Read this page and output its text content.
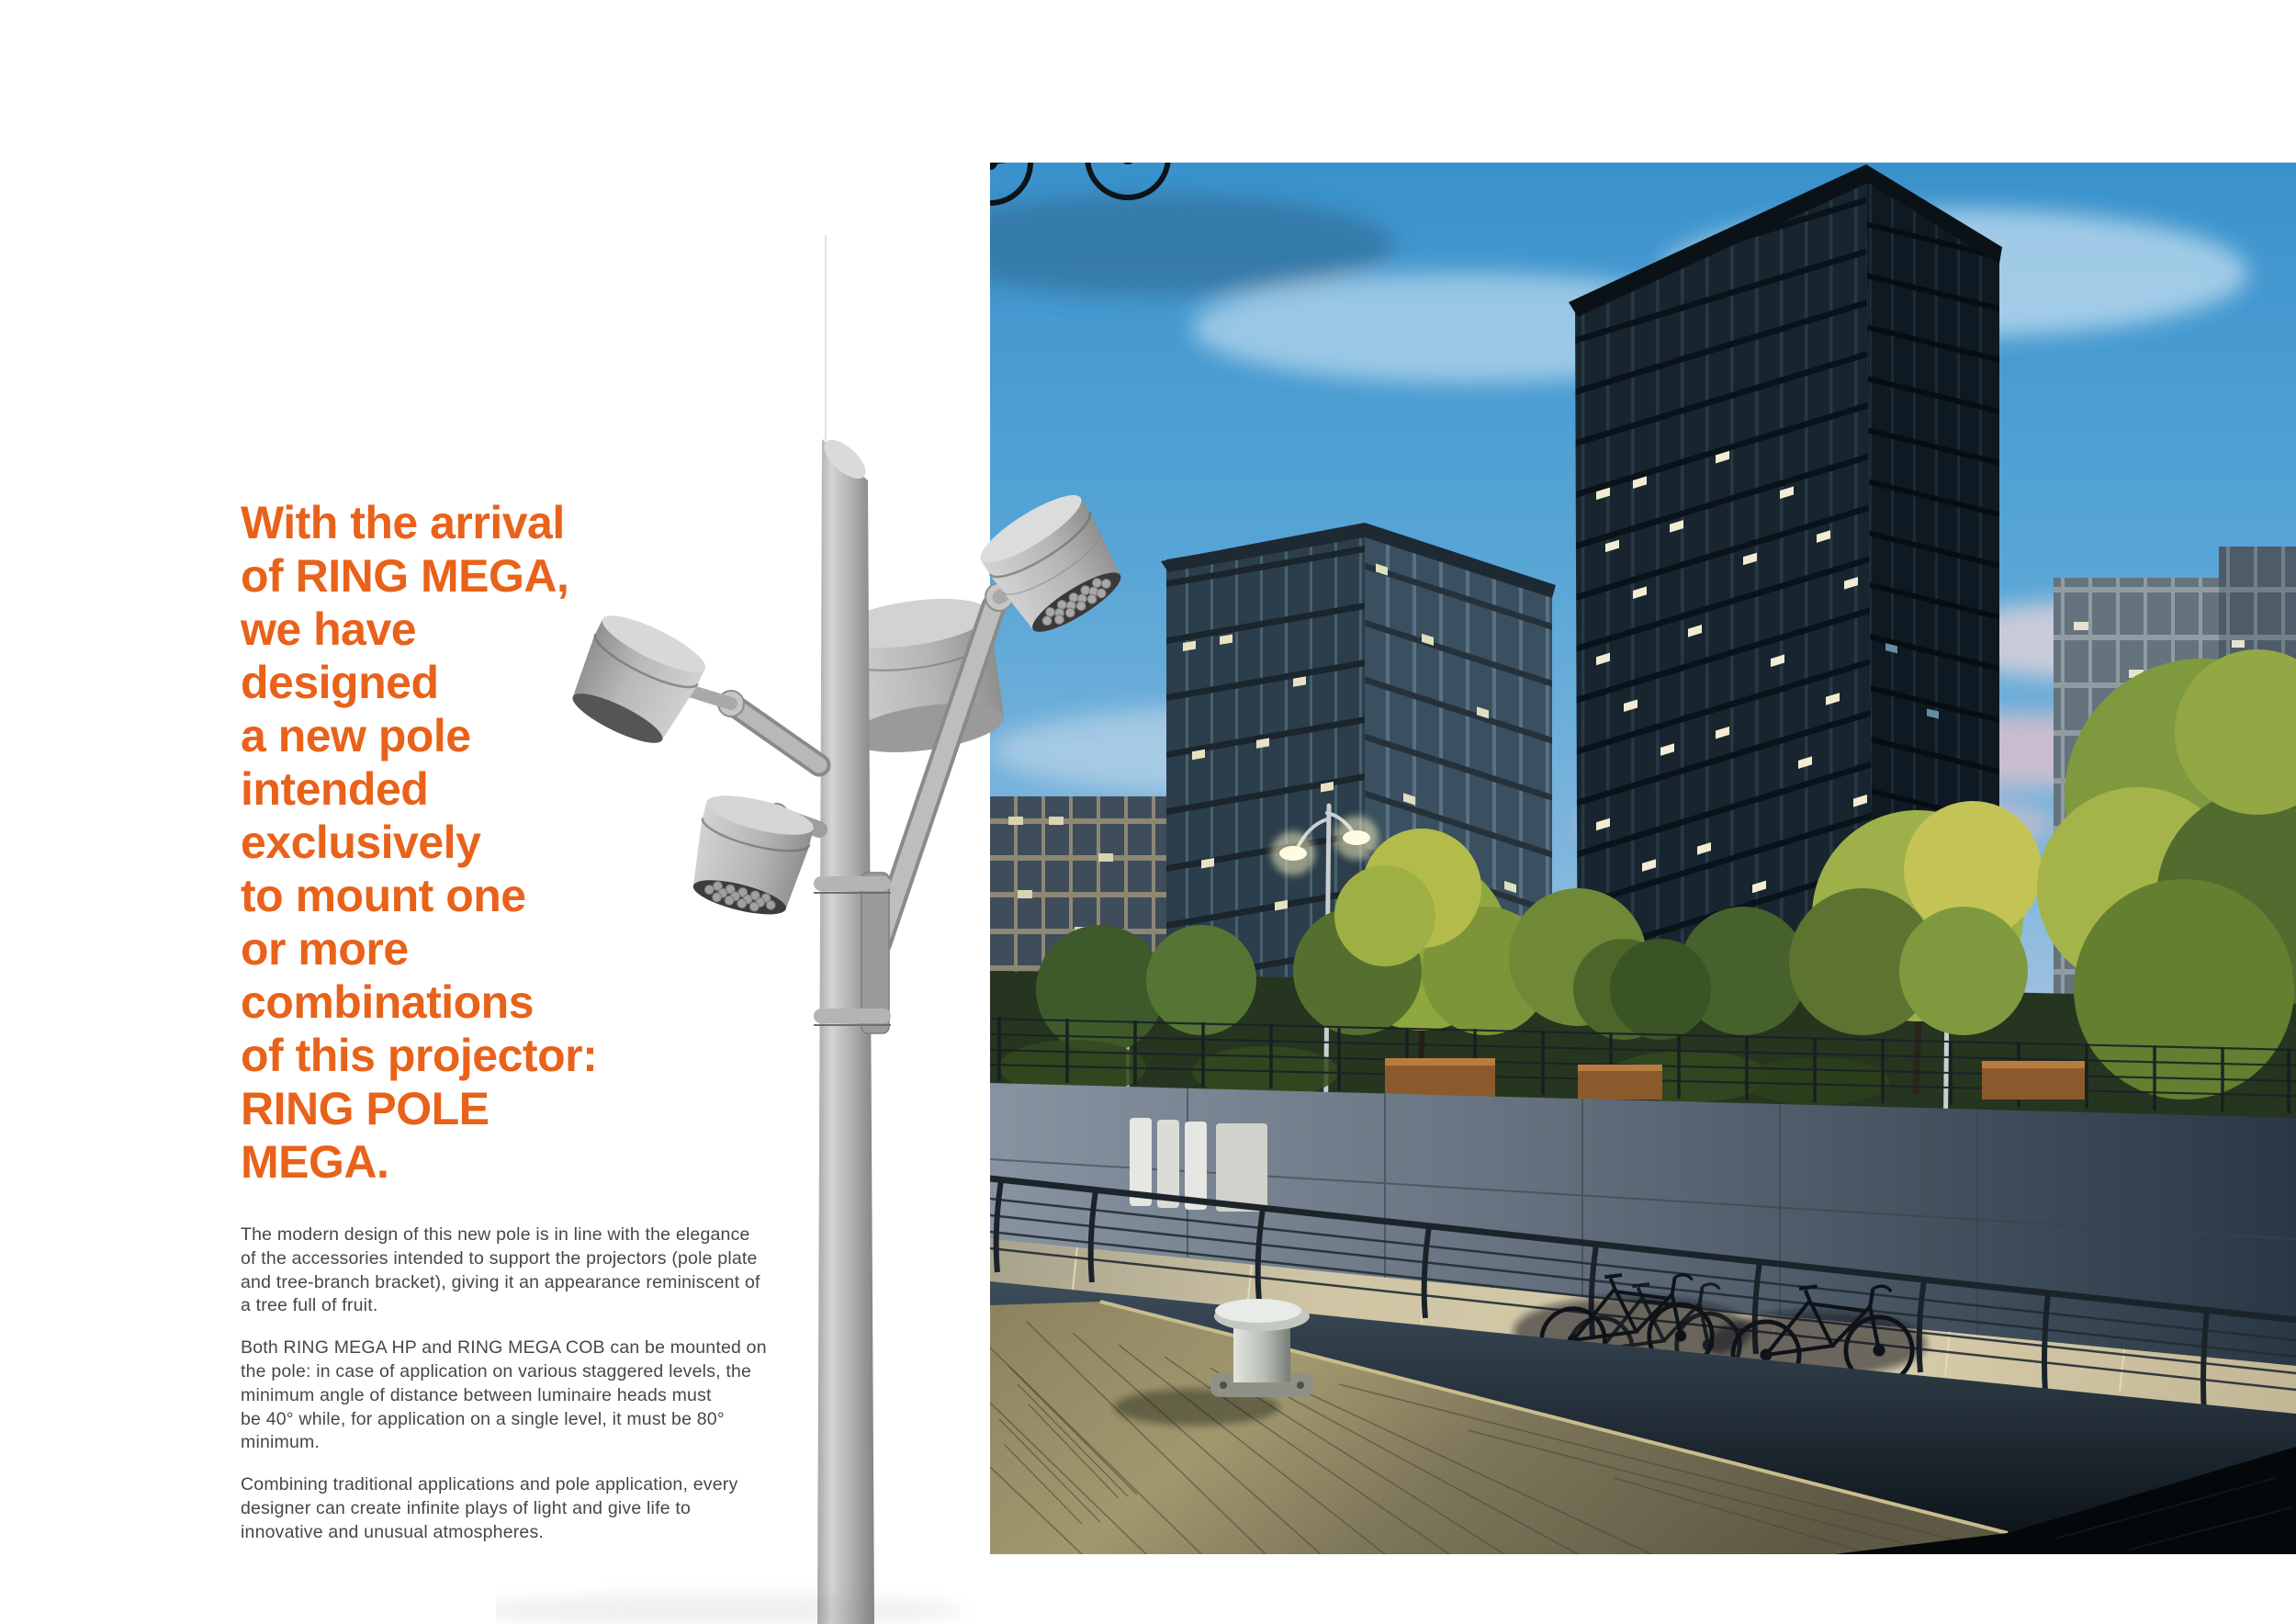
With the arrival
of RING MEGA,
we have
designed
a new pole
intended
exclusively
to mount one
or more
combinations
of this projector:
RING POLE
MEGA.
The modern design of this new pole is in line with the elegance
of the accessories intended to support the projectors (pole plate
and tree-branch bracket), giving it an appearance reminiscent of
a tree full of fruit.
Both RING MEGA HP and RING MEGA COB can be mounted on
the pole: in case of application on various staggered levels, the
minimum angle of distance between luminaire heads must
be 40° while, for application on a single level, it must be 80°
minimum.
Combining traditional applications and pole application, every
designer can create infinite plays of light and give life to
innovative and unusual atmospheres.
